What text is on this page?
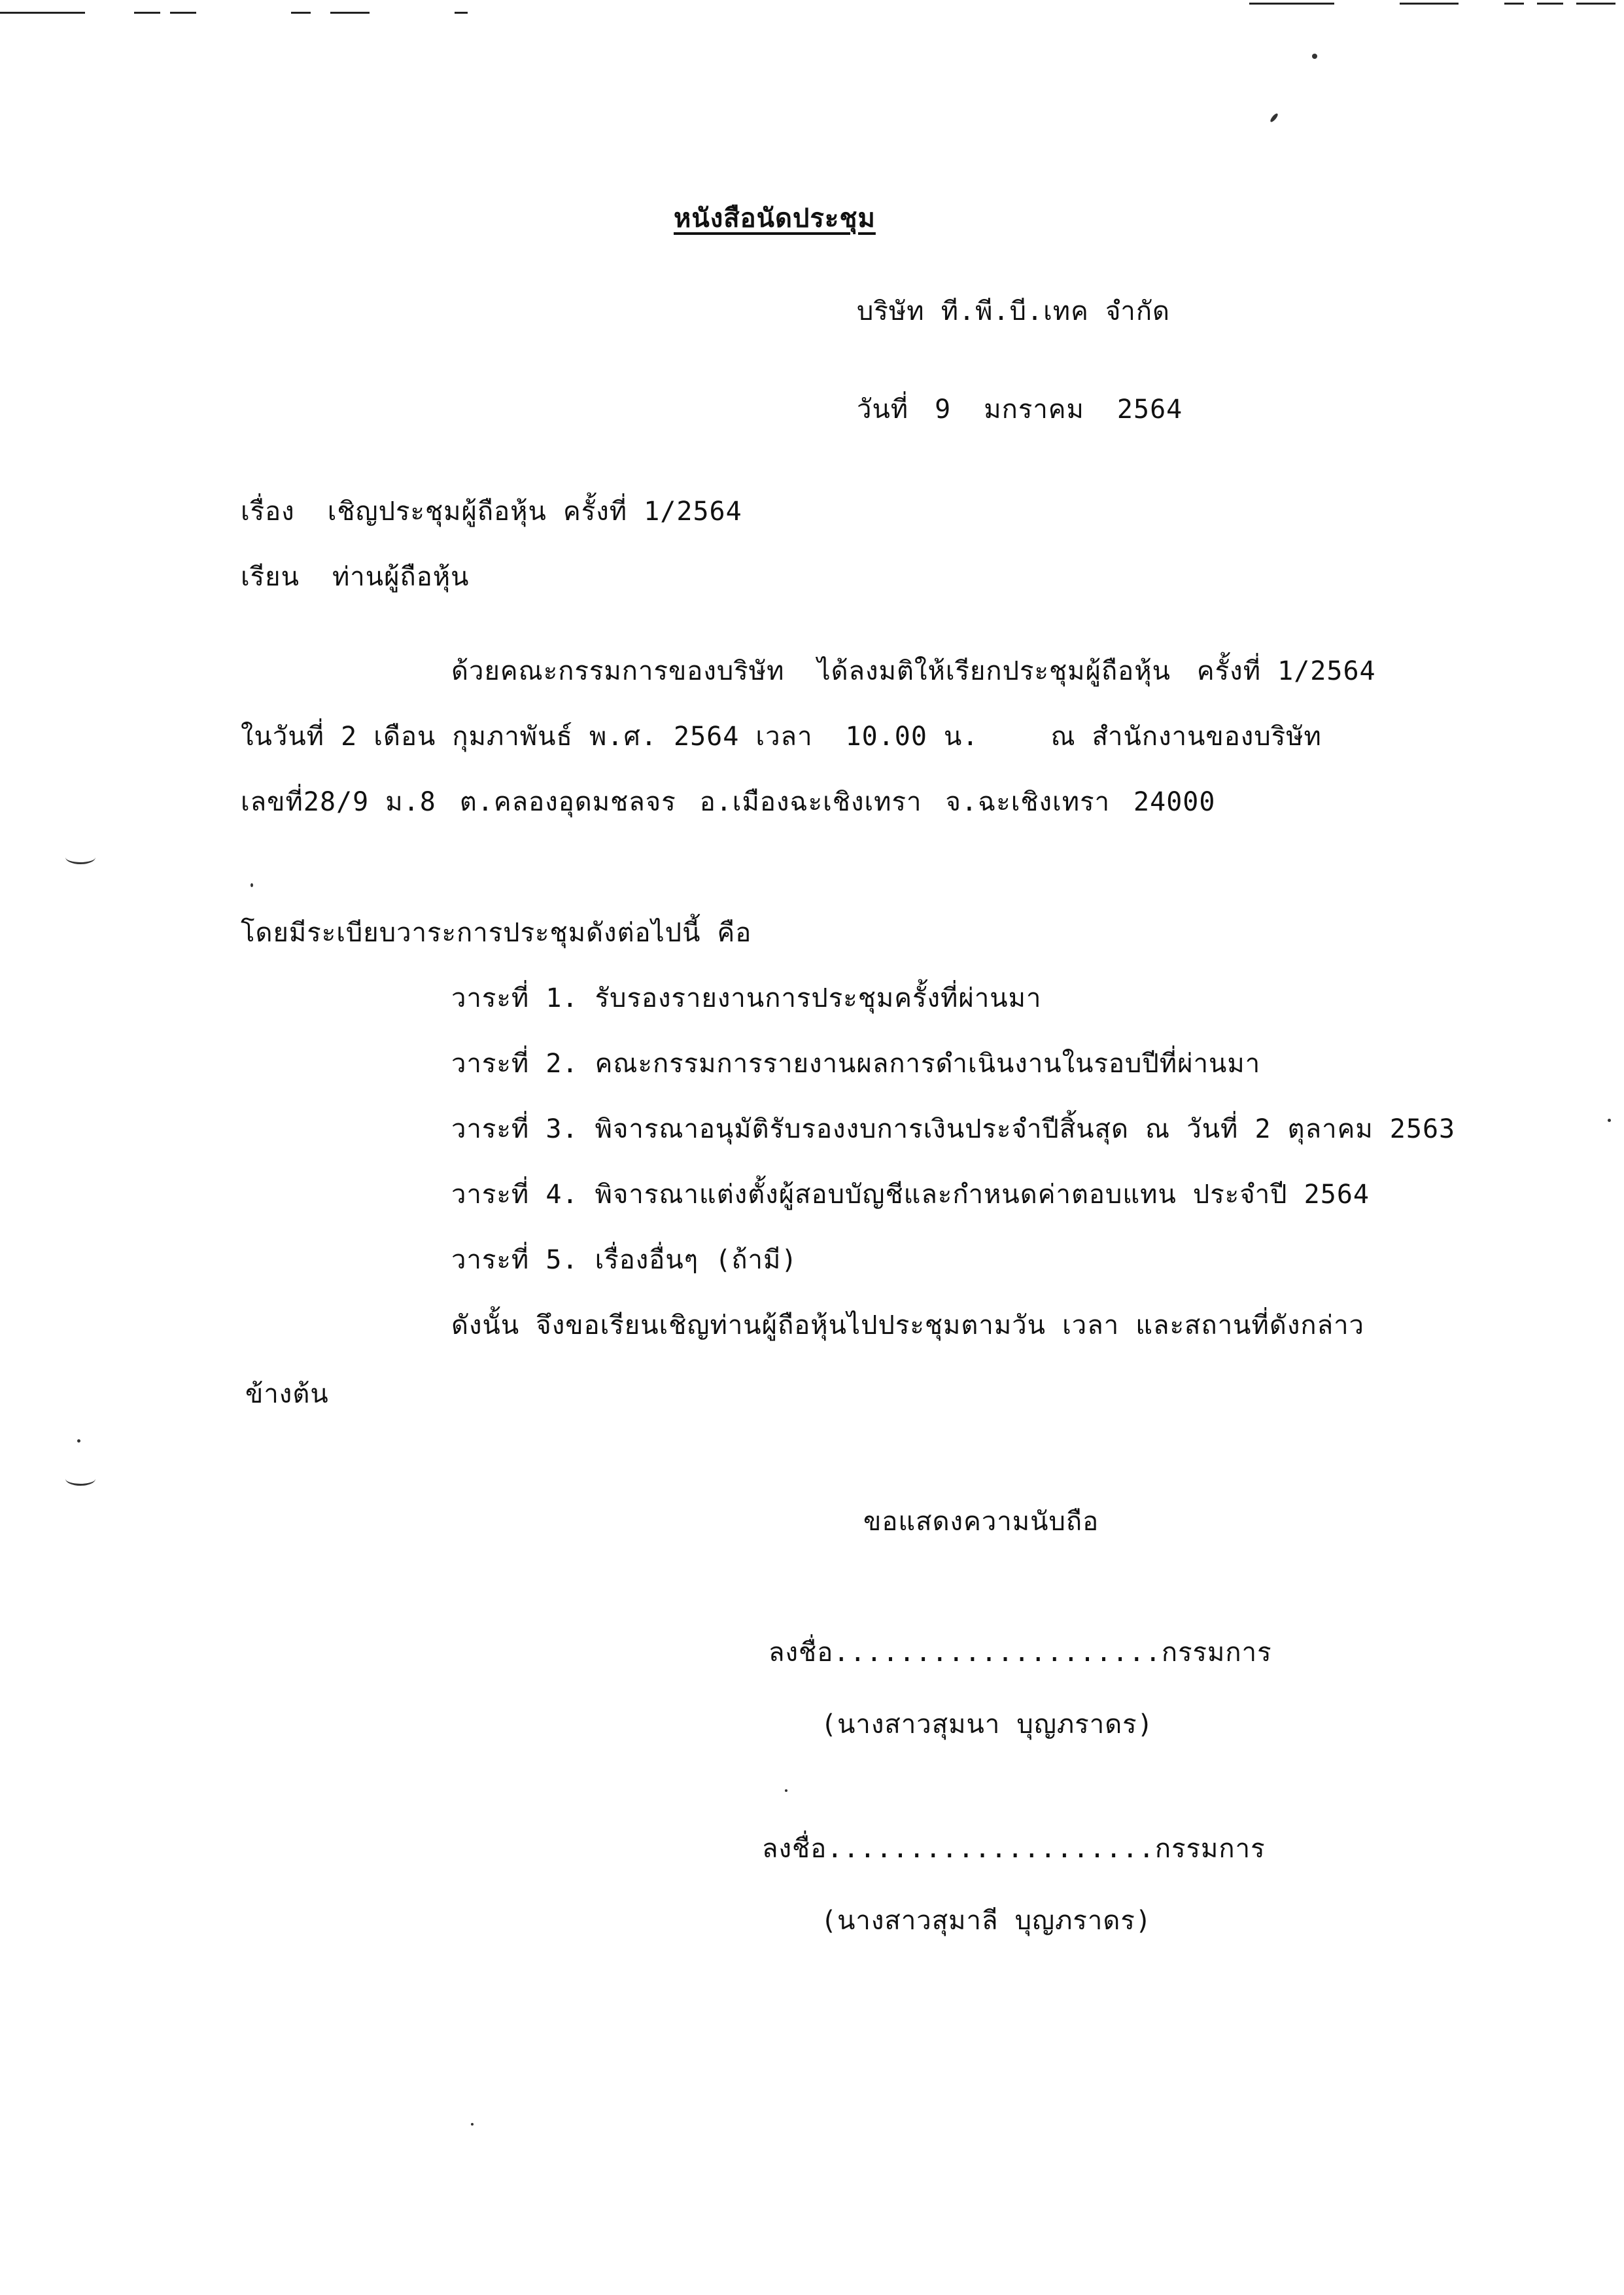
หนังสือนัดประชุม
บริษัท ที.พี.บี.เทค จำกัด
วันที่ 9 มกราคม 2564
เรื่อง เชิญประชุมผู้ถือหุ้น ครั้งที่ 1/2564
เรียน ท่านผู้ถือหุ้น
ด้วยคณะกรรมการของบริษัท ได้ลงมติให้เรียกประชุมผู้ถือหุ้น ครั้งที่ 1/2564
ในวันที่ 2 เดือน กุมภาพันธ์ พ.ศ. 2564 เวลา 10.00 น.	ณ สำนักงานของบริษัท
เลขที่28/9 ม.8 ต.คลองอุดมชลจร อ.เมืองฉะเชิงเทรา จ.ฉะเชิงเทรา 24000
โดยมีระเบียบวาระการประชุมดังต่อไปนี้ คือ
วาระที่ 1. รับรองรายงานการประชุมครั้งที่ผ่านมา
วาระที่ 2. คณะกรรมการรายงานผลการดำเนินงานในรอบปีที่ผ่านมา
วาระที่ 3. พิจารณาอนุมัติรับรองงบการเงินประจำปีสิ้นสุด ณ วันที่ 2 ตุลาคม 2563
วาระที่ 4. พิจารณาแต่งตั้งผู้สอบบัญชีและกำหนดค่าตอบแทน ประจำปี 2564
วาระที่ 5. เรื่องอื่นๆ (ถ้ามี)
ดังนั้น จึงขอเรียนเชิญท่านผู้ถือหุ้นไปประชุมตามวัน เวลา และสถานที่ดังกล่าว
ข้างต้น
ขอแสดงความนับถือ
ลงชื่อ....................กรรมการ
(นางสาวสุมนา บุญภราดร)
ลงชื่อ....................กรรมการ
(นางสาวสุมาลี บุญภราดร)
